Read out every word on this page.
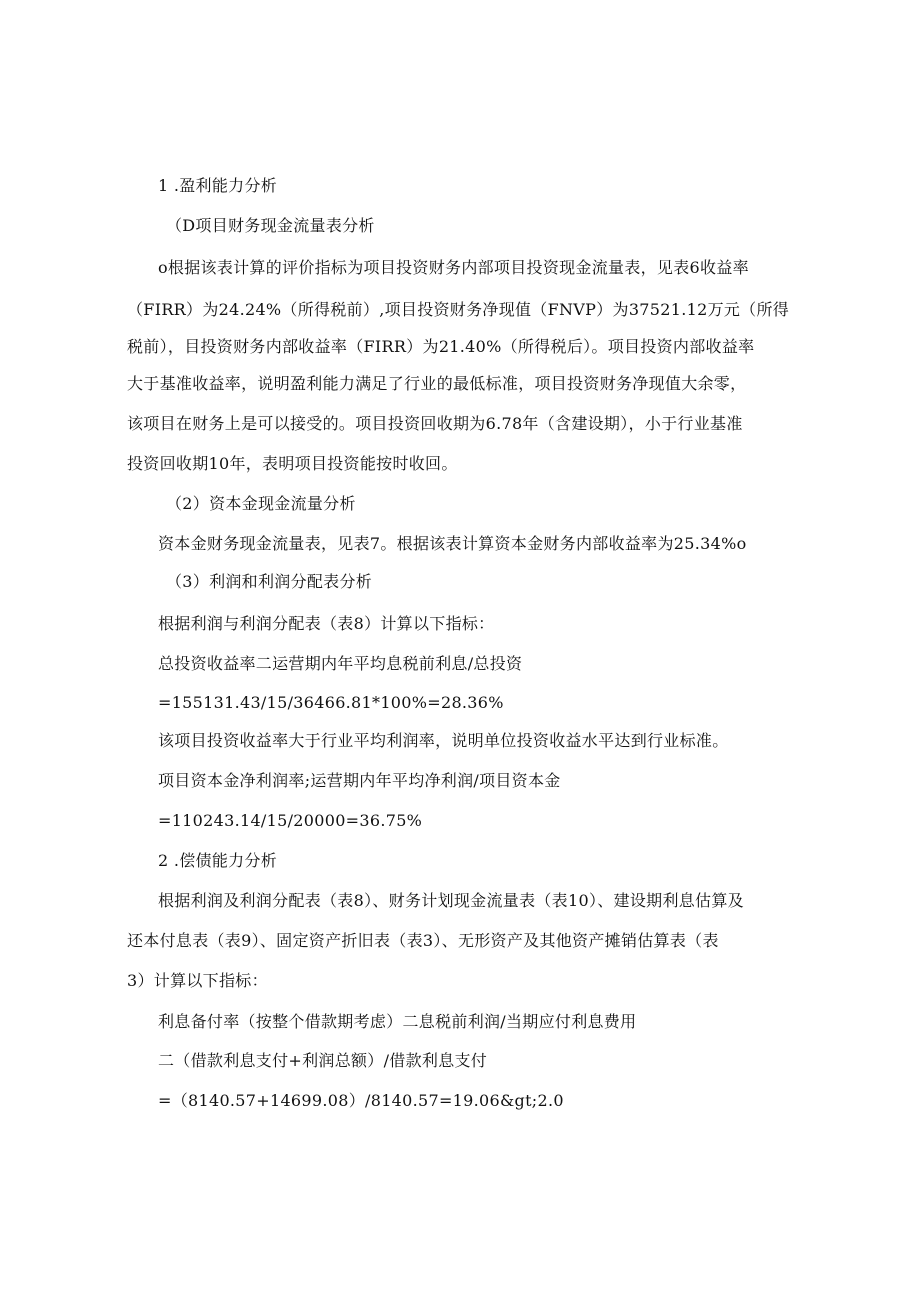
1 .盈利能力分析

（D项目财务现金流量表分析

o根据该表计算的评价指标为项目投资财务内部项目投资现金流量表，见表6收益率

（FIRR）为24.24%（所得税前）,项目投资财务净现值（FNVP）为37521.12万元（所得

税前），目投资财务内部收益率（FIRR）为21.40%（所得税后）。项目投资内部收益率

大于基准收益率，说明盈利能力满足了行业的最低标准，项目投资财务净现值大余零，

该项目在财务上是可以接受的。项目投资回收期为6.78年（含建设期），小于行业基准

投资回收期10年，表明项目投资能按时收回。

（2）资本金现金流量分析

资本金财务现金流量表，见表7。根据该表计算资本金财务内部收益率为25.34%o

（3）利润和利润分配表分析

根据利润与利润分配表（表8）计算以下指标：

总投资收益率二运营期内年平均息税前利息/总投资

=155131.43/15/36466.81*100%=28.36%

该项目投资收益率大于行业平均利润率，说明单位投资收益水平达到行业标准。

项目资本金净利润率;运营期内年平均净利润/项目资本金

=110243.14/15/20000=36.75%

2 .偿债能力分析

根据利润及利润分配表（表8）、财务计划现金流量表（表10）、建设期利息估算及

还本付息表（表9）、固定资产折旧表（表3）、无形资产及其他资产摊销估算表（表

3）计算以下指标：

利息备付率（按整个借款期考虑）二息税前利润/当期应付利息费用

二（借款利息支付+利润总额）/借款利息支付

=（8140.57+14699.08）/8140.57=19.06&gt;2.0
